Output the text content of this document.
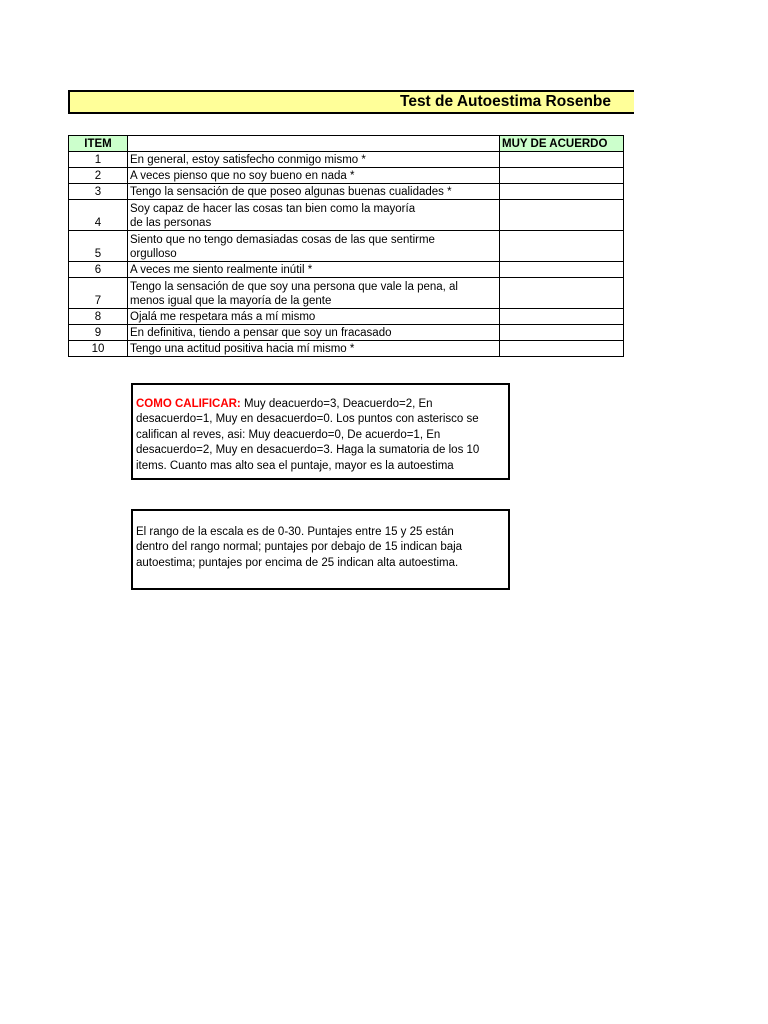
Test de Autoestima Rosenbe
ITEM		MUY DE ACUERDO
1	En general, estoy satisfecho conmigo mismo *	
2	A veces pienso que no soy bueno en nada *	
3	Tengo la sensación de que poseo algunas buenas cualidades *	
4	Soy capaz de hacer las cosas tan bien como la mayoría
de las personas	
5	Siento que no tengo demasiadas cosas de las que sentirme
orgulloso	
6	A veces me siento realmente inútil *	
7	Tengo la sensación de que soy una persona que vale la pena, al
menos igual que la mayoría de la gente	
8	Ojalá me respetara más a mí mismo	
9	En definitiva, tiendo a pensar que soy un fracasado	
10	Tengo una actitud positiva hacia mí mismo *	
COMO CALIFICAR: Muy deacuerdo=3, Deacuerdo=2, En
desacuerdo=1, Muy en desacuerdo=0. Los puntos con asterisco se
califican al reves, asi: Muy deacuerdo=0, De acuerdo=1, En
desacuerdo=2, Muy en desacuerdo=3. Haga la sumatoria de los 10
items. Cuanto mas alto sea el puntaje, mayor es la autoestima
El rango de la escala es de 0-30. Puntajes entre 15 y 25 están
dentro del rango normal; puntajes por debajo de 15 indican baja
autoestima; puntajes por encima de 25 indican alta autoestima.
